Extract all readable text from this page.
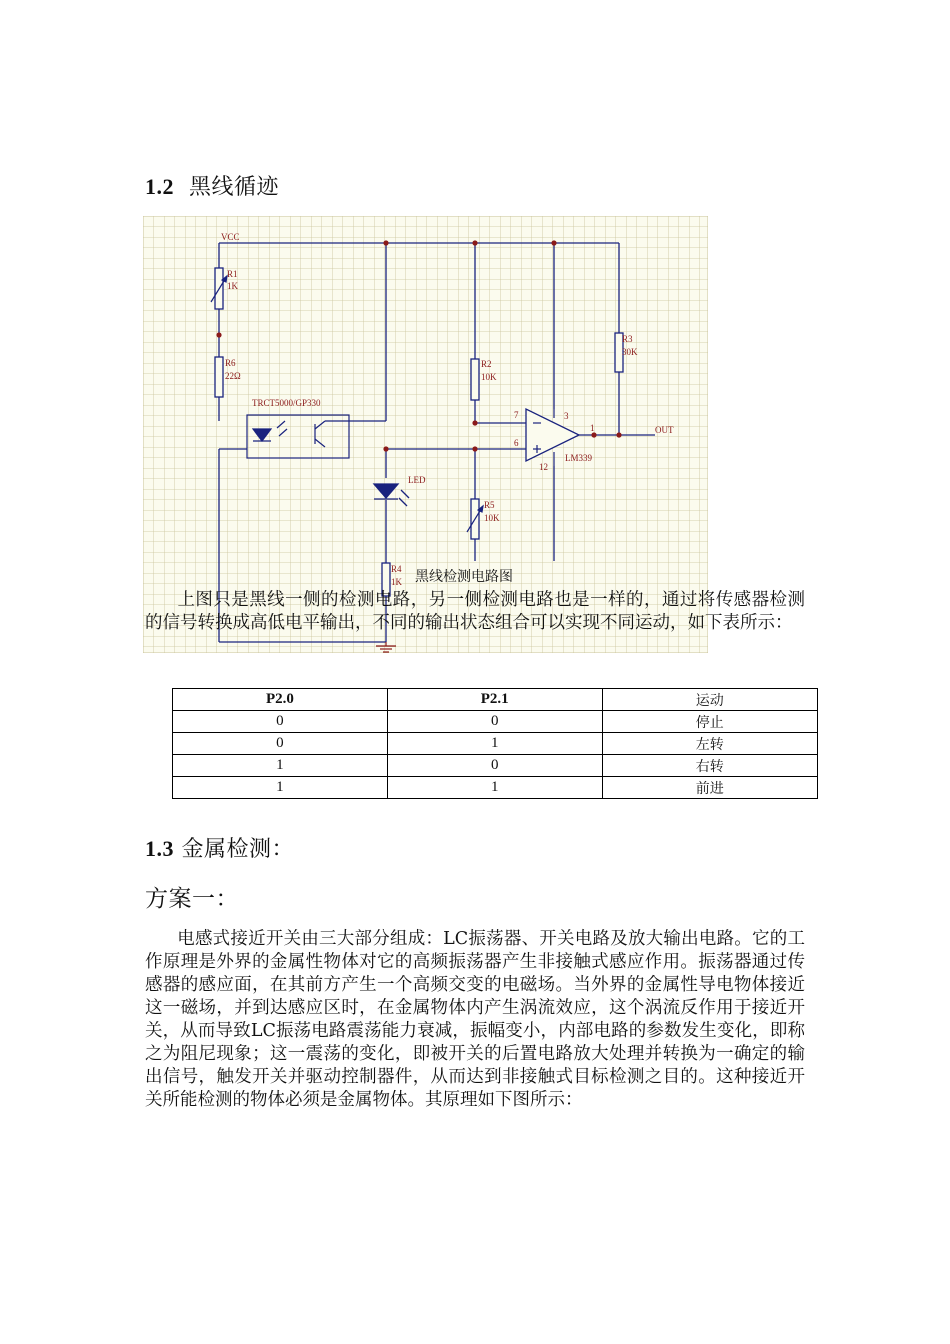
1.2 黑线循迹
VCC
R1
1K
R6
22Ω
TRCT5000/GP330
R2
10K
R3
30K
R5
10K
R4
1K
LED
LM339
OUT
7
6
3
1
12
黑线检测电路图
上图只是黑线一侧的检测电路，另一侧检测电路也是一样的，通过将传感器检测的信号转换成高低电平输出，不同的输出状态组合可以实现不同运动，如下表所示：
P2.0	P2.1	运动
0	0	停止
0	1	左转
1	0	右转
1	1	前进
1.3 金属检测：
方案一：
电感式接近开关由三大部分组成：LC振荡器、开关电路及放大输出电路。它的工作原理是外界的金属性物体对它的高频振荡器产生非接触式感应作用。振荡器通过传感器的感应面，在其前方产生一个高频交变的电磁场。当外界的金属性导电物体接近这一磁场，并到达感应区时，在金属物体内产生涡流效应，这个涡流反作用于接近开关，从而导致LC振荡电路震荡能力衰减，振幅变小，内部电路的参数发生变化，即称之为阻尼现象；这一震荡的变化，即被开关的后置电路放大处理并转换为一确定的输出信号，触发开关并驱动控制器件，从而达到非接触式目标检测之目的。这种接近开关所能检测的物体必须是金属物体。其原理如下图所示：
